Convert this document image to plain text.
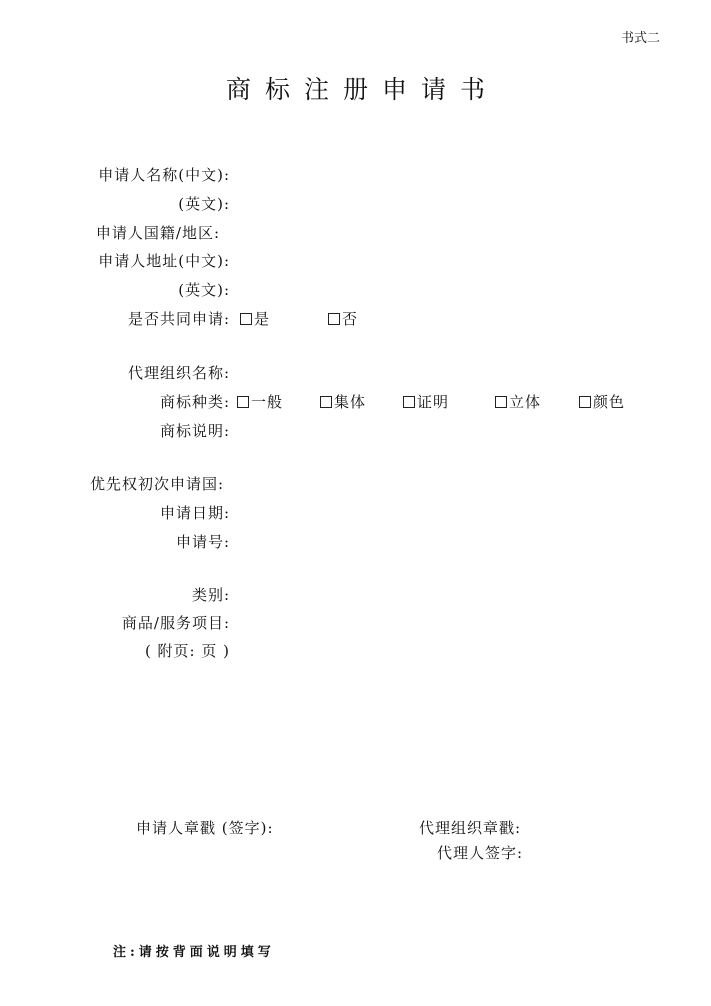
书式二
商标注册申请书
申请人名称(中文):
(英文):
申请人国籍/地区:
申请人地址(中文):
(英文):
是否共同申请:	是	否
代理组织名称:
商标种类:	一般	集体	证明	立体	颜色
商标说明:
优先权初次申请国:
申请日期:
申请号:
类别:
商品/服务项目:
( 附页: 页 )
申请人章戳 (签字):	代理组织章戳:
代理人签字:
注:请按背面说明填写
